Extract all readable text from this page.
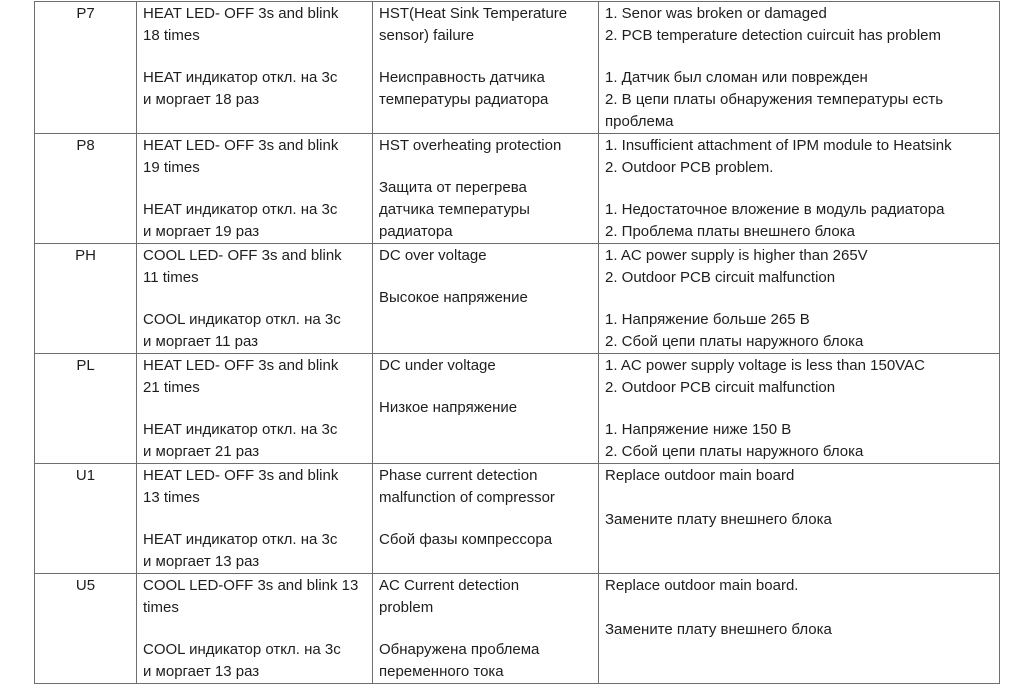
P7	HEAT LED- OFF 3s and blink
18 times
HEAT индикатор откл. на 3с
и моргает 18 раз	HST(Heat Sink Temperature
sensor) failure
Неисправность датчика
температуры радиатора	1. Senor was broken or damaged
2. PCB temperature detection cuircuit has problem
1. Датчик был сломан или поврежден
2. В цепи платы обнаружения температуры есть
проблема

P8	HEAT LED- OFF 3s and blink
19 times
HEAT индикатор откл. на 3с
и моргает 19 раз	HST overheating protection
Защита от перегрева
датчика температуры
радиатора	1. Insufficient attachment of IPM module to Heatsink
2. Outdoor PCB problem.
1. Недостаточное вложение в модуль радиатора
2. Проблема платы внешнего блока

PH	COOL LED- OFF 3s and blink
11 times
COOL индикатор откл. на 3с
и моргает 11 раз	DC over voltage
Высокое напряжение	1. AC power supply is higher than 265V
2. Outdoor PCB circuit malfunction
1. Напряжение больше 265 В
2. Сбой цепи платы наружного блока

PL	HEAT LED- OFF 3s and blink
21 times
HEAT индикатор откл. на 3с
и моргает 21 раз	DC under voltage
Низкое напряжение	1. AC power supply voltage is less than 150VAC
2. Outdoor PCB circuit malfunction
1. Напряжение ниже 150 В
2. Сбой цепи платы наружного блока

U1	HEAT LED- OFF 3s and blink
13 times
HEAT индикатор откл. на 3с
и моргает 13 раз	Phase current detection
malfunction of compressor
Сбой фазы компрессора	Replace outdoor main board
Замените плату внешнего блока

U5	COOL LED-OFF 3s and blink 13
times
COOL индикатор откл. на 3с
и моргает 13 раз	AC Current detection
problem
Обнаружена проблема
переменного тока	Replace outdoor main board.
Замените плату внешнего блока
